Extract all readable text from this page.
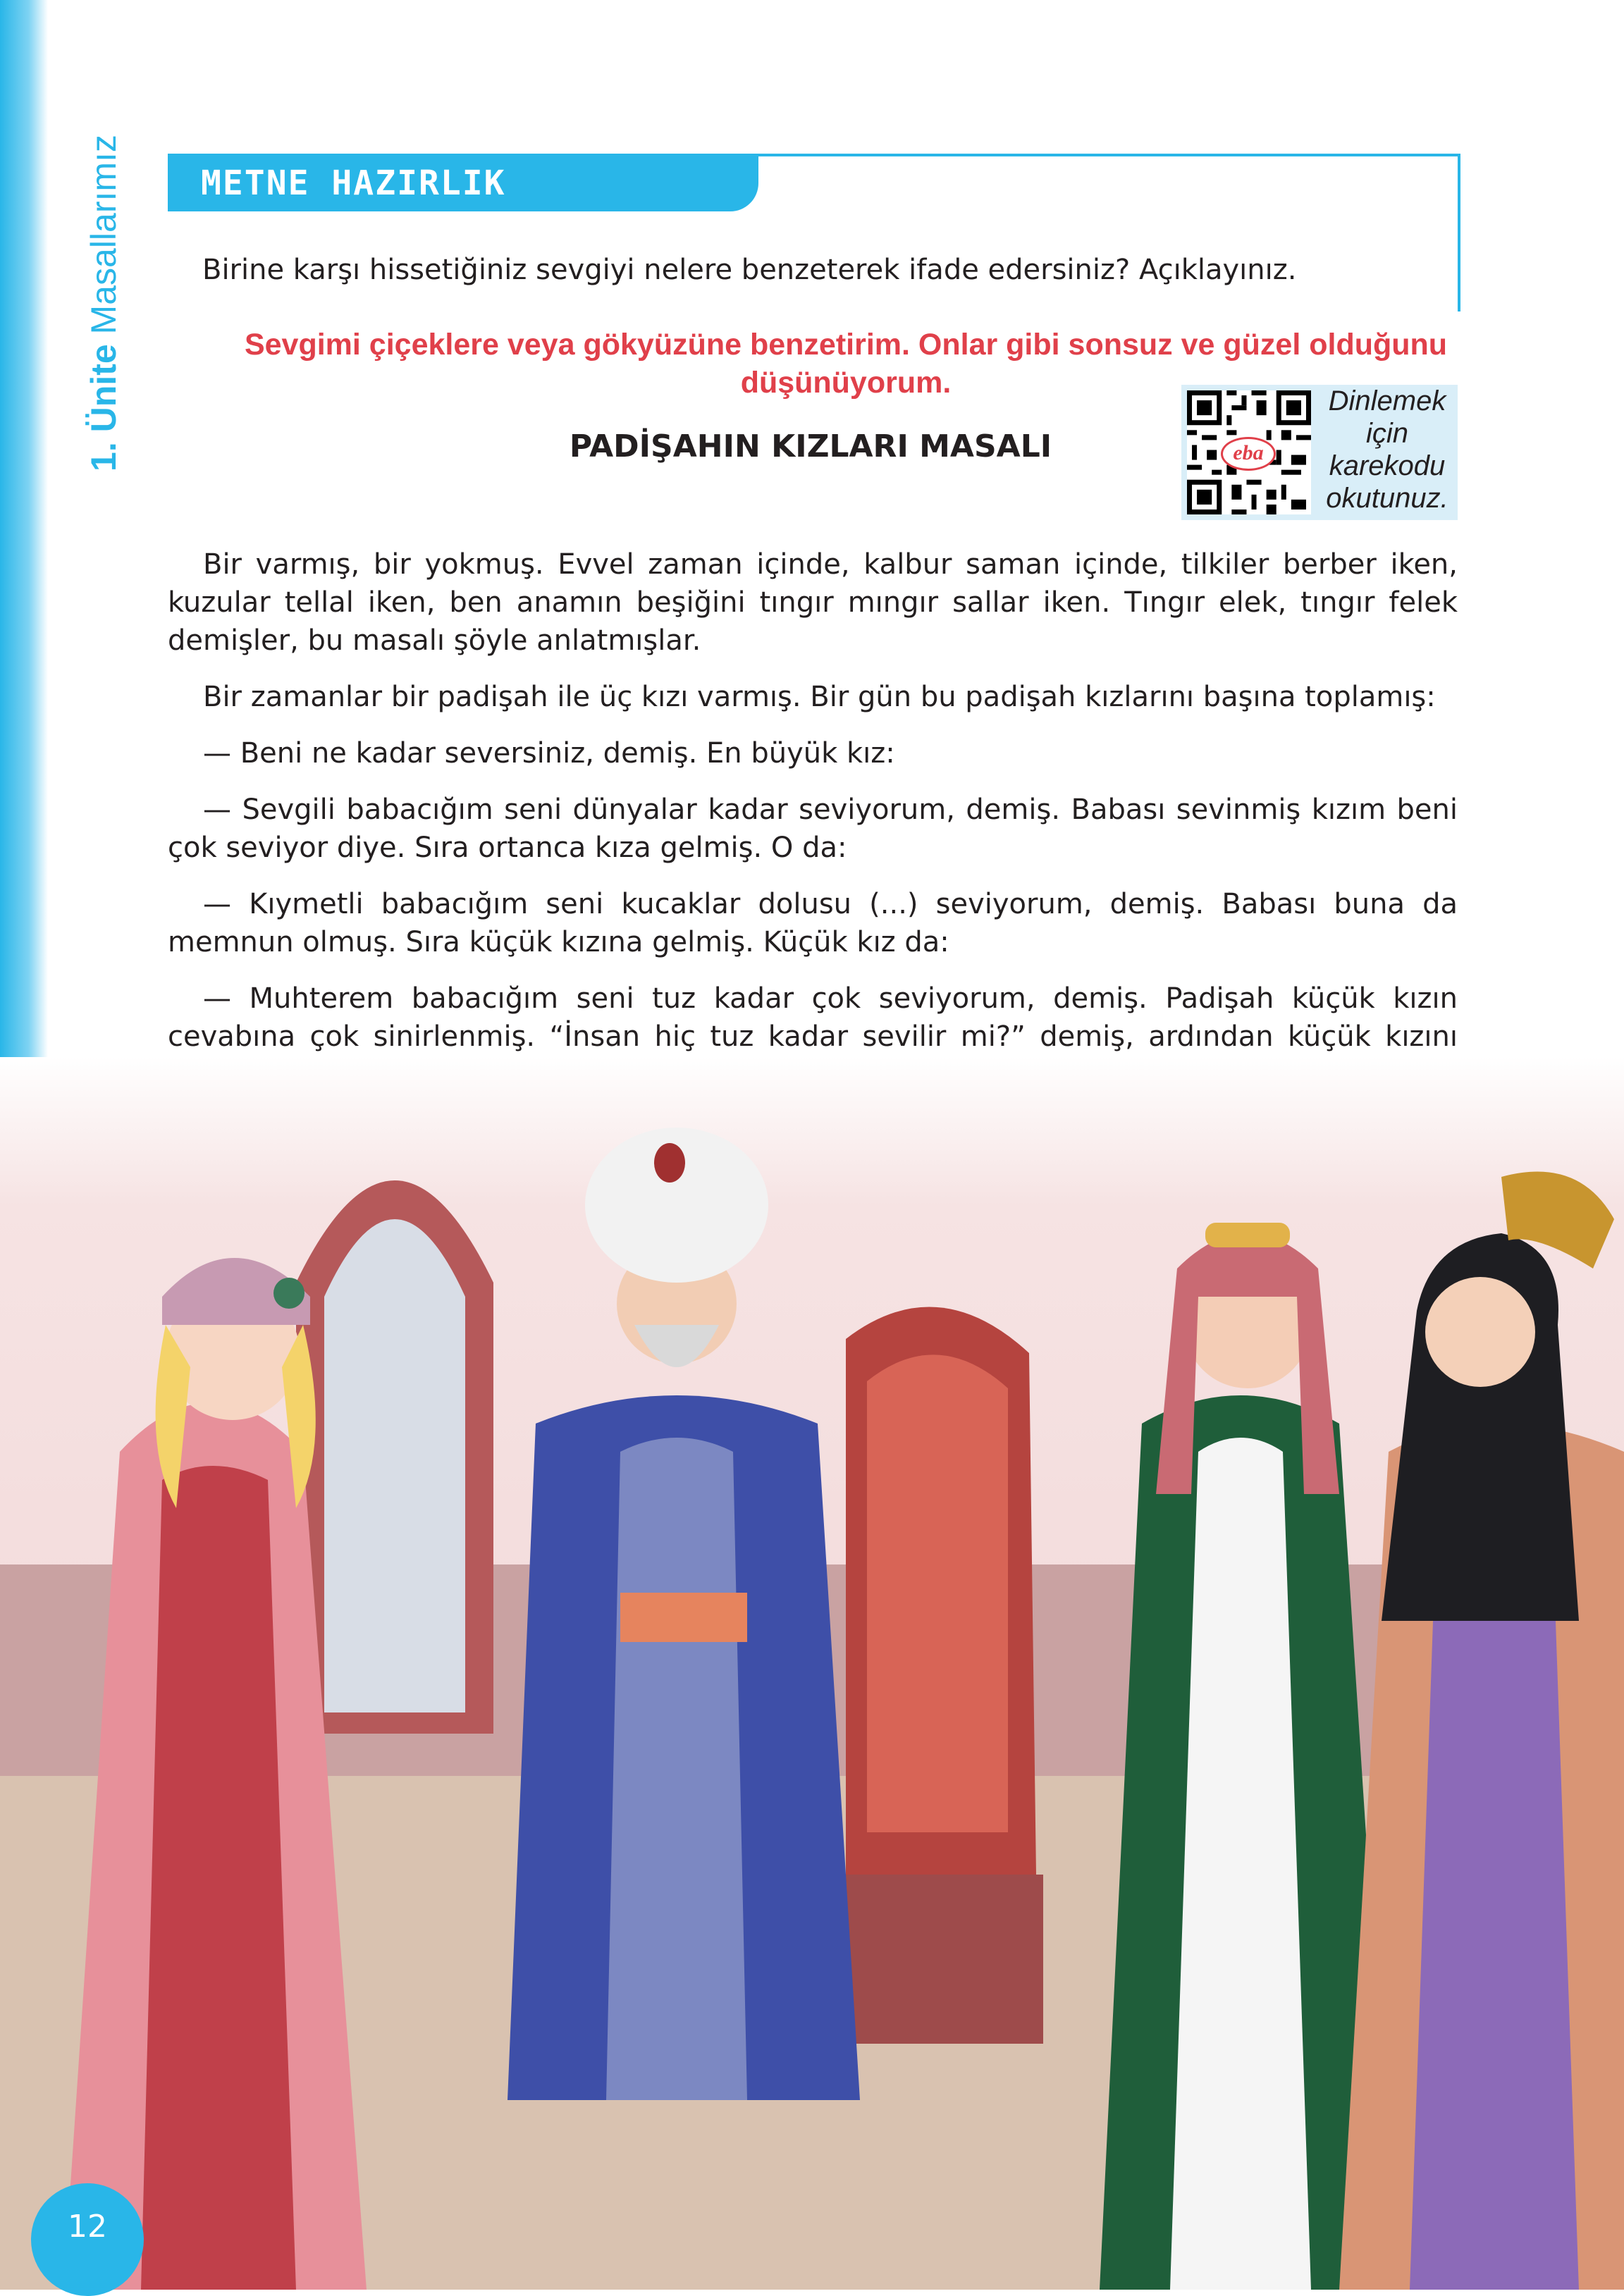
1. Ünite Masallarımız METNE HAZIRLIK
Birine karşı hissetiğiniz sevgiyi nelere benzeterek ifade edersiniz? Açıklayınız.
Sevgimi çiçeklere veya gökyüzüne benzetirim. Onlar gibi sonsuz ve güzel olduğunu düşünüyorum.
PADİŞAHIN KIZLARI MASALI	eba
Dinlemek için karekodu okutunuz.

Bir varmış, bir yokmuş. Evvel zaman içinde, kalbur saman içinde, tilkiler berber iken, kuzular tellal iken, ben anamın beşiğini tıngır mıngır sallar iken. Tıngır elek, tıngır felek demişler, bu masalı şöyle anlatmışlar.

Bir zamanlar bir padişah ile üç kızı varmış. Bir gün bu padişah kızlarını başına toplamış:

— Beni ne kadar seversiniz, demiş. En büyük kız:

— Sevgili babacığım seni dünyalar kadar seviyorum, demiş. Babası sevinmiş kızım beni çok seviyor diye. Sıra ortanca kıza gelmiş. O da:

— Kıymetli babacığım seni kucaklar dolusu (...) seviyorum, demiş. Babası buna da memnun olmuş. Sıra küçük kızına gelmiş. Küçük kız da:

— Muhterem babacığım seni tuz kadar çok seviyorum, demiş. Padişah küçük kızın cevabına çok sinirlenmiş. “İnsan hiç tuz kadar sevilir mi?” demiş, ardından küçük kızını

12
